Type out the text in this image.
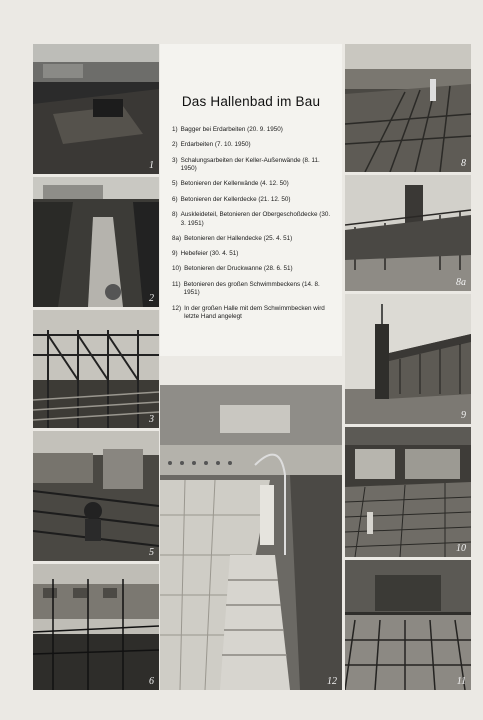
1
2
3
5
6
Das Hallenbad im Bau
1) Bagger bei Erdarbeiten (20. 9. 1950)
2) Erdarbeiten (7. 10. 1950)
3) Schalungsarbeiten der Keller-Außenwände (8. 11. 1950)
5) Betonieren der Kellerwände (4. 12. 50)
6) Betonieren der Kellerdecke (21. 12. 50)
8) Auskleideteil, Betonieren der Obergeschoßdecke (30. 3. 1951)
8a) Betonieren der Hallendecke (25. 4. 51)
9) Hebefeier (30. 4. 51)
10) Betonieren der Druckwanne (28. 6. 51)
11) Betonieren des großen Schwimmbeckens (14. 8. 1951)
12) In der großen Halle mit dem Schwimmbecken wird letzte Hand angelegt
12
8
8a
9
10
11
